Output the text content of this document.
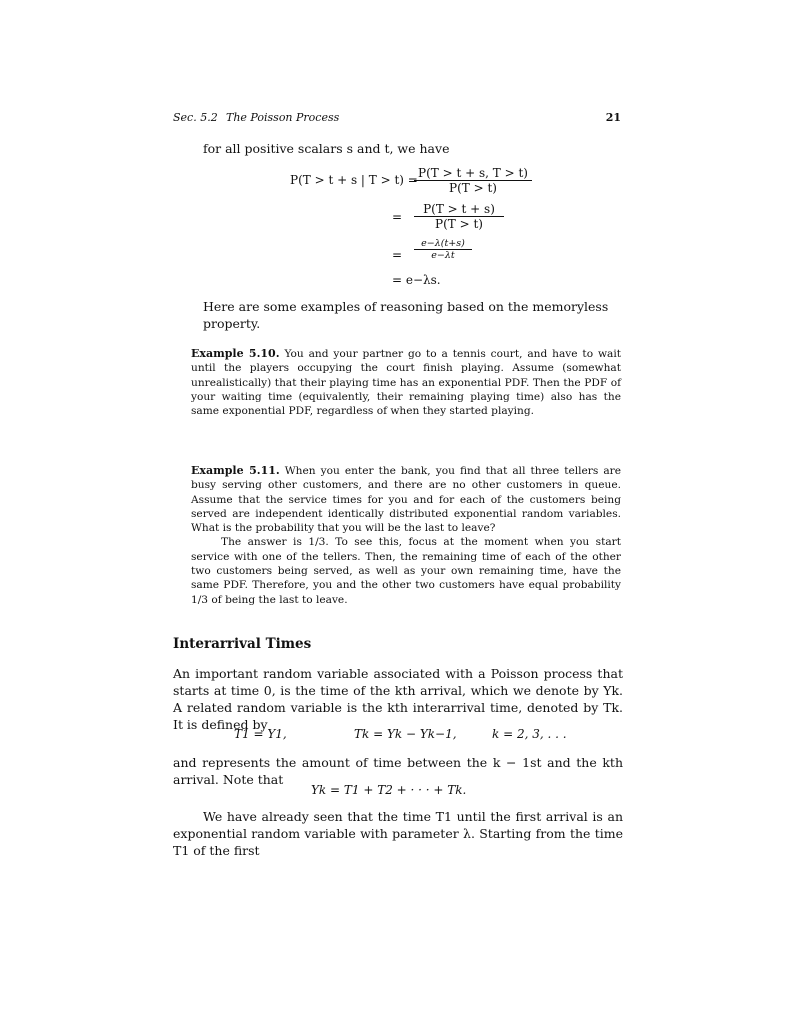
Sec. 5.2 The Poisson Process	21

for all positive scalars s and t, we have

P(T > t + s | T > t) =
$\frac{P(T > t + s, T > t)}{P(T > t)}$
= $\frac{P(T > t + s)}{P(T > t)}$
= $\frac{e-\lambda(t+s)}{e-\lambda t}$
= e−λs.

Here are some examples of reasoning based on the memoryless property.

Example 5.10. You and your partner go to a tennis court, and have to wait until the players occupying the court finish playing. Assume (somewhat unrealistically) that their playing time has an exponential PDF. Then the PDF of your waiting time (equivalently, their remaining playing time) also has the same exponential PDF, regardless of when they started playing.

Example 5.11. When you enter the bank, you find that all three tellers are busy serving other customers, and there are no other customers in queue. Assume that the service times for you and for each of the customers being served are independent identically distributed exponential random variables. What is the probability that you will be the last to leave?

The answer is 1/3. To see this, focus at the moment when you start service with one of the tellers. Then, the remaining time of each of the other two customers being served, as well as your own remaining time, have the same PDF. Therefore, you and the other two customers have equal probability 1/3 of being the last to leave.

Interarrival Times

An important random variable associated with a Poisson process that starts at time 0, is the time of the kth arrival, which we denote by Yk. A related random variable is the kth interarrival time, denoted by Tk. It is defined by

T1 = Y1,	Tk = Yk − Yk−1,	k = 2, 3, . . .

and represents the amount of time between the k − 1st and the kth arrival. Note that

Yk = T1 + T2 + · · · + Tk.

We have already seen that the time T1 until the first arrival is an exponential random variable with parameter λ. Starting from the time T1 of the first
